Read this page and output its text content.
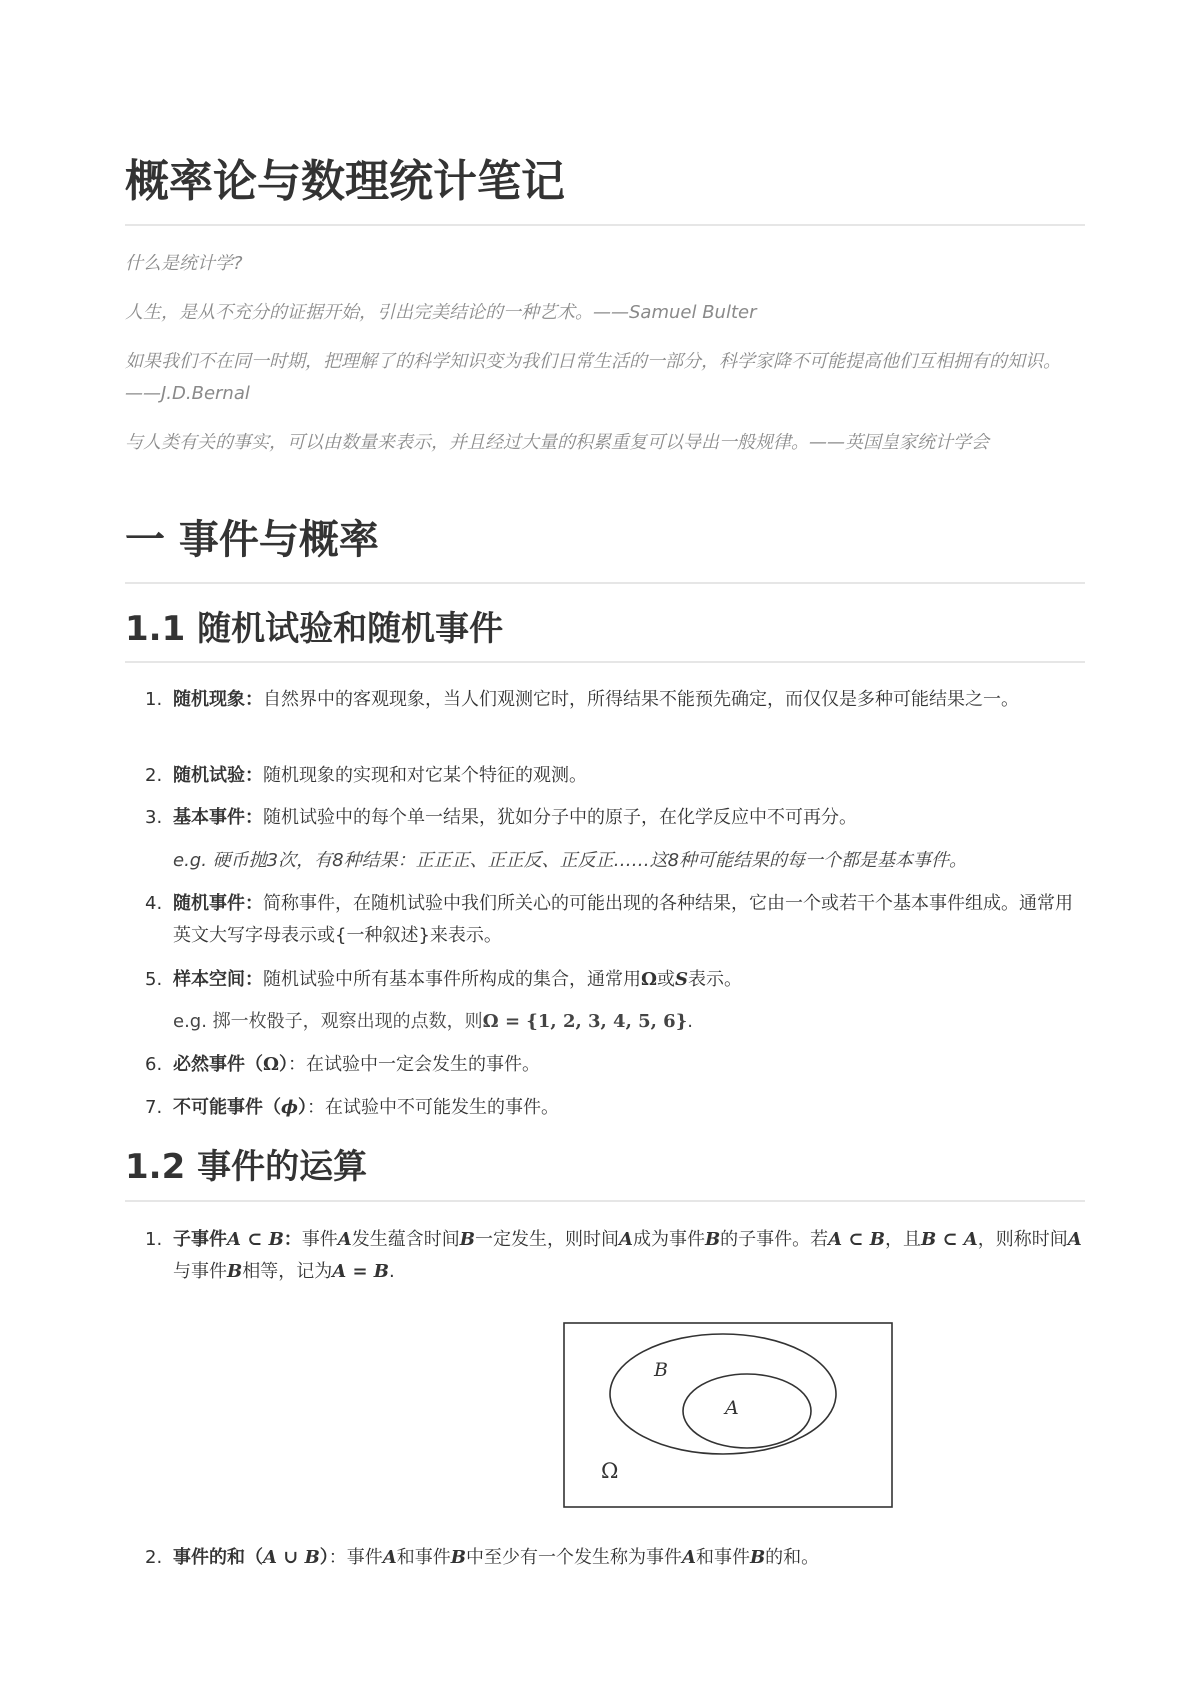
概率论与数理统计笔记
什么是统计学?
人生，是从不充分的证据开始，引出完美结论的一种艺术。——Samuel Bulter
如果我们不在同一时期，把理解了的科学知识变为我们日常生活的一部分，科学家降不可能提高他们互相拥有的知识。——J.D.Bernal
与人类有关的事实，可以由数量来表示，并且经过大量的积累重复可以导出一般规律。——英国皇家统计学会
一 事件与概率
1.1 随机试验和随机事件
1. 随机现象：自然界中的客观现象，当人们观测它时，所得结果不能预先确定，而仅仅是多种可能结果之一。
2. 随机试验：随机现象的实现和对它某个特征的观测。
3. 基本事件：随机试验中的每个单一结果，犹如分子中的原子，在化学反应中不可再分。
e.g. 硬币抛3次，有8种结果：正正正、正正反、正反正……这8种可能结果的每一个都是基本事件。
4. 随机事件：简称事件，在随机试验中我们所关心的可能出现的各种结果，它由一个或若干个基本事件组成。通常用英文大写字母表示或{一种叙述}来表示。
5. 样本空间：随机试验中所有基本事件所构成的集合，通常用Ω或S表示。
e.g. 掷一枚骰子，观察出现的点数，则Ω = {1, 2, 3, 4, 5, 6}.
6. 必然事件（Ω）：在试验中一定会发生的事件。
7. 不可能事件（ϕ）：在试验中不可能发生的事件。
1.2 事件的运算
1. 子事件A ⊂ B：事件A发生蕴含时间B一定发生，则时间A成为事件B的子事件。若A ⊂ B，且B ⊂ A，则称时间A与事件B相等，记为A = B.
B
A
Ω
2. 事件的和（A ∪ B）：事件A和事件B中至少有一个发生称为事件A和事件B的和。
